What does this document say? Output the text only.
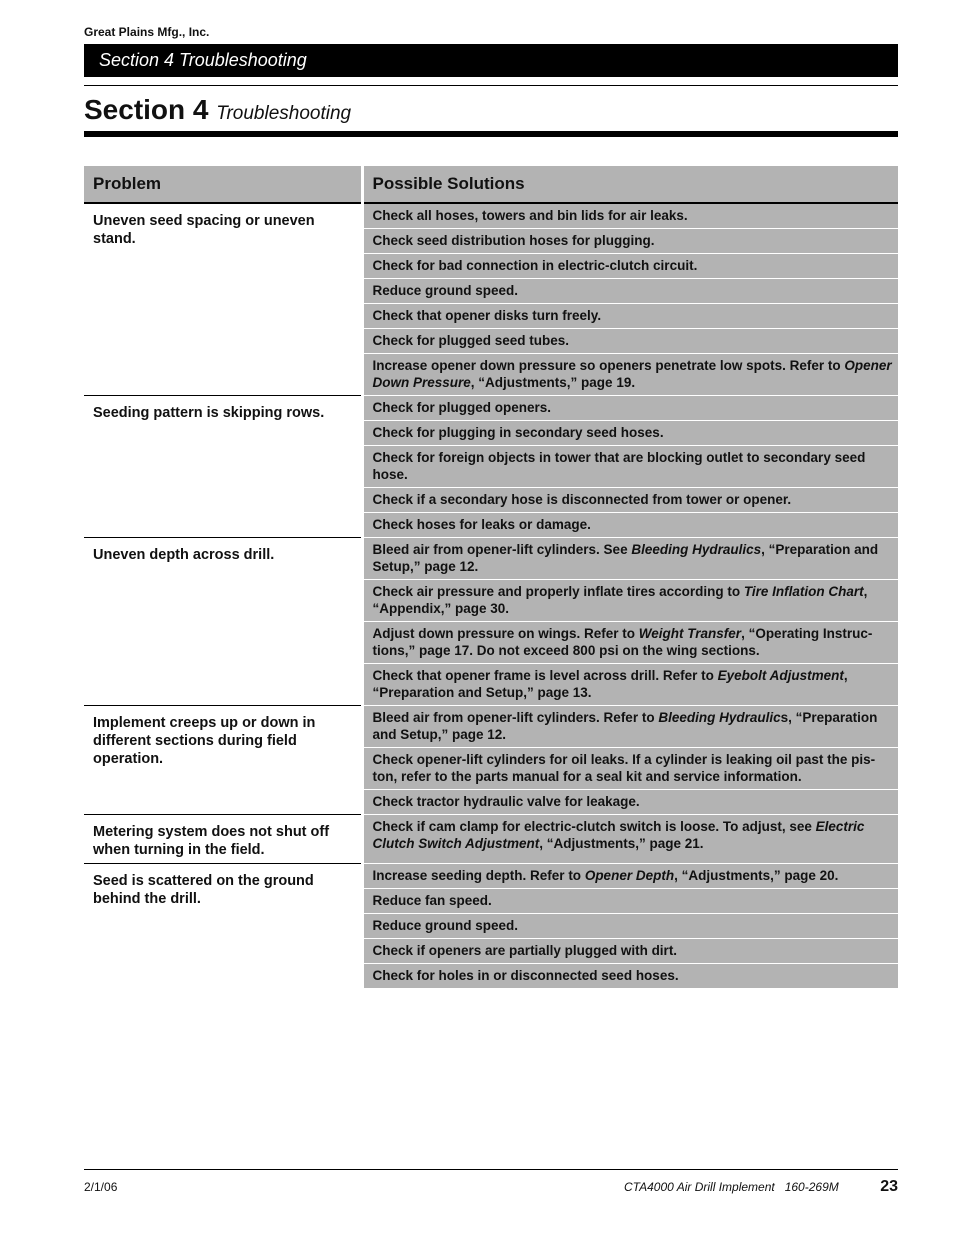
Great Plains Mfg., Inc.
Section 4 Troubleshooting
Section 4 Troubleshooting
Problem	Possible Solutions
Uneven seed spacing or uneven stand.	Check all hoses, towers and bin lids for air leaks.
	Check seed distribution hoses for plugging.
	Check for bad connection in electric-clutch circuit.
	Reduce ground speed.
	Check that opener disks turn freely.
	Check for plugged seed tubes.
	Increase opener down pressure so openers penetrate low spots. Refer to Opener Down Pressure, “Adjustments,” page 19.
Seeding pattern is skipping rows.	Check for plugged openers.
	Check for plugging in secondary seed hoses.
	Check for foreign objects in tower that are blocking outlet to secondary seed hose.
	Check if a secondary hose is disconnected from tower or opener.
	Check hoses for leaks or damage.
Uneven depth across drill.	Bleed air from opener-lift cylinders. See Bleeding Hydraulics, “Preparation and Setup,” page 12.
	Check air pressure and properly inflate tires according to Tire Inflation Chart, “Appendix,” page 30.
	Adjust down pressure on wings. Refer to Weight Transfer, “Operating Instructions,” page 17. Do not exceed 800 psi on the wing sections.
	Check that opener frame is level across drill. Refer to Eyebolt Adjustment, “Preparation and Setup,” page 13.
Implement creeps up or down in different sections during field operation.	Bleed air from opener-lift cylinders. Refer to Bleeding Hydraulics, “Preparation and Setup,” page 12.
	Check opener-lift cylinders for oil leaks. If a cylinder is leaking oil past the piston, refer to the parts manual for a seal kit and service information.
	Check tractor hydraulic valve for leakage.
Metering system does not shut off when turning in the field.	Check if cam clamp for electric-clutch switch is loose. To adjust, see Electric Clutch Switch Adjustment, “Adjustments,” page 21.
Seed is scattered on the ground behind the drill.	Increase seeding depth. Refer to Opener Depth, “Adjustments,” page 20.
	Reduce fan speed.
	Reduce ground speed.
	Check if openers are partially plugged with dirt.
	Check for holes in or disconnected seed hoses.
2/1/06	CTA4000 Air Drill Implement   160-269M	23
